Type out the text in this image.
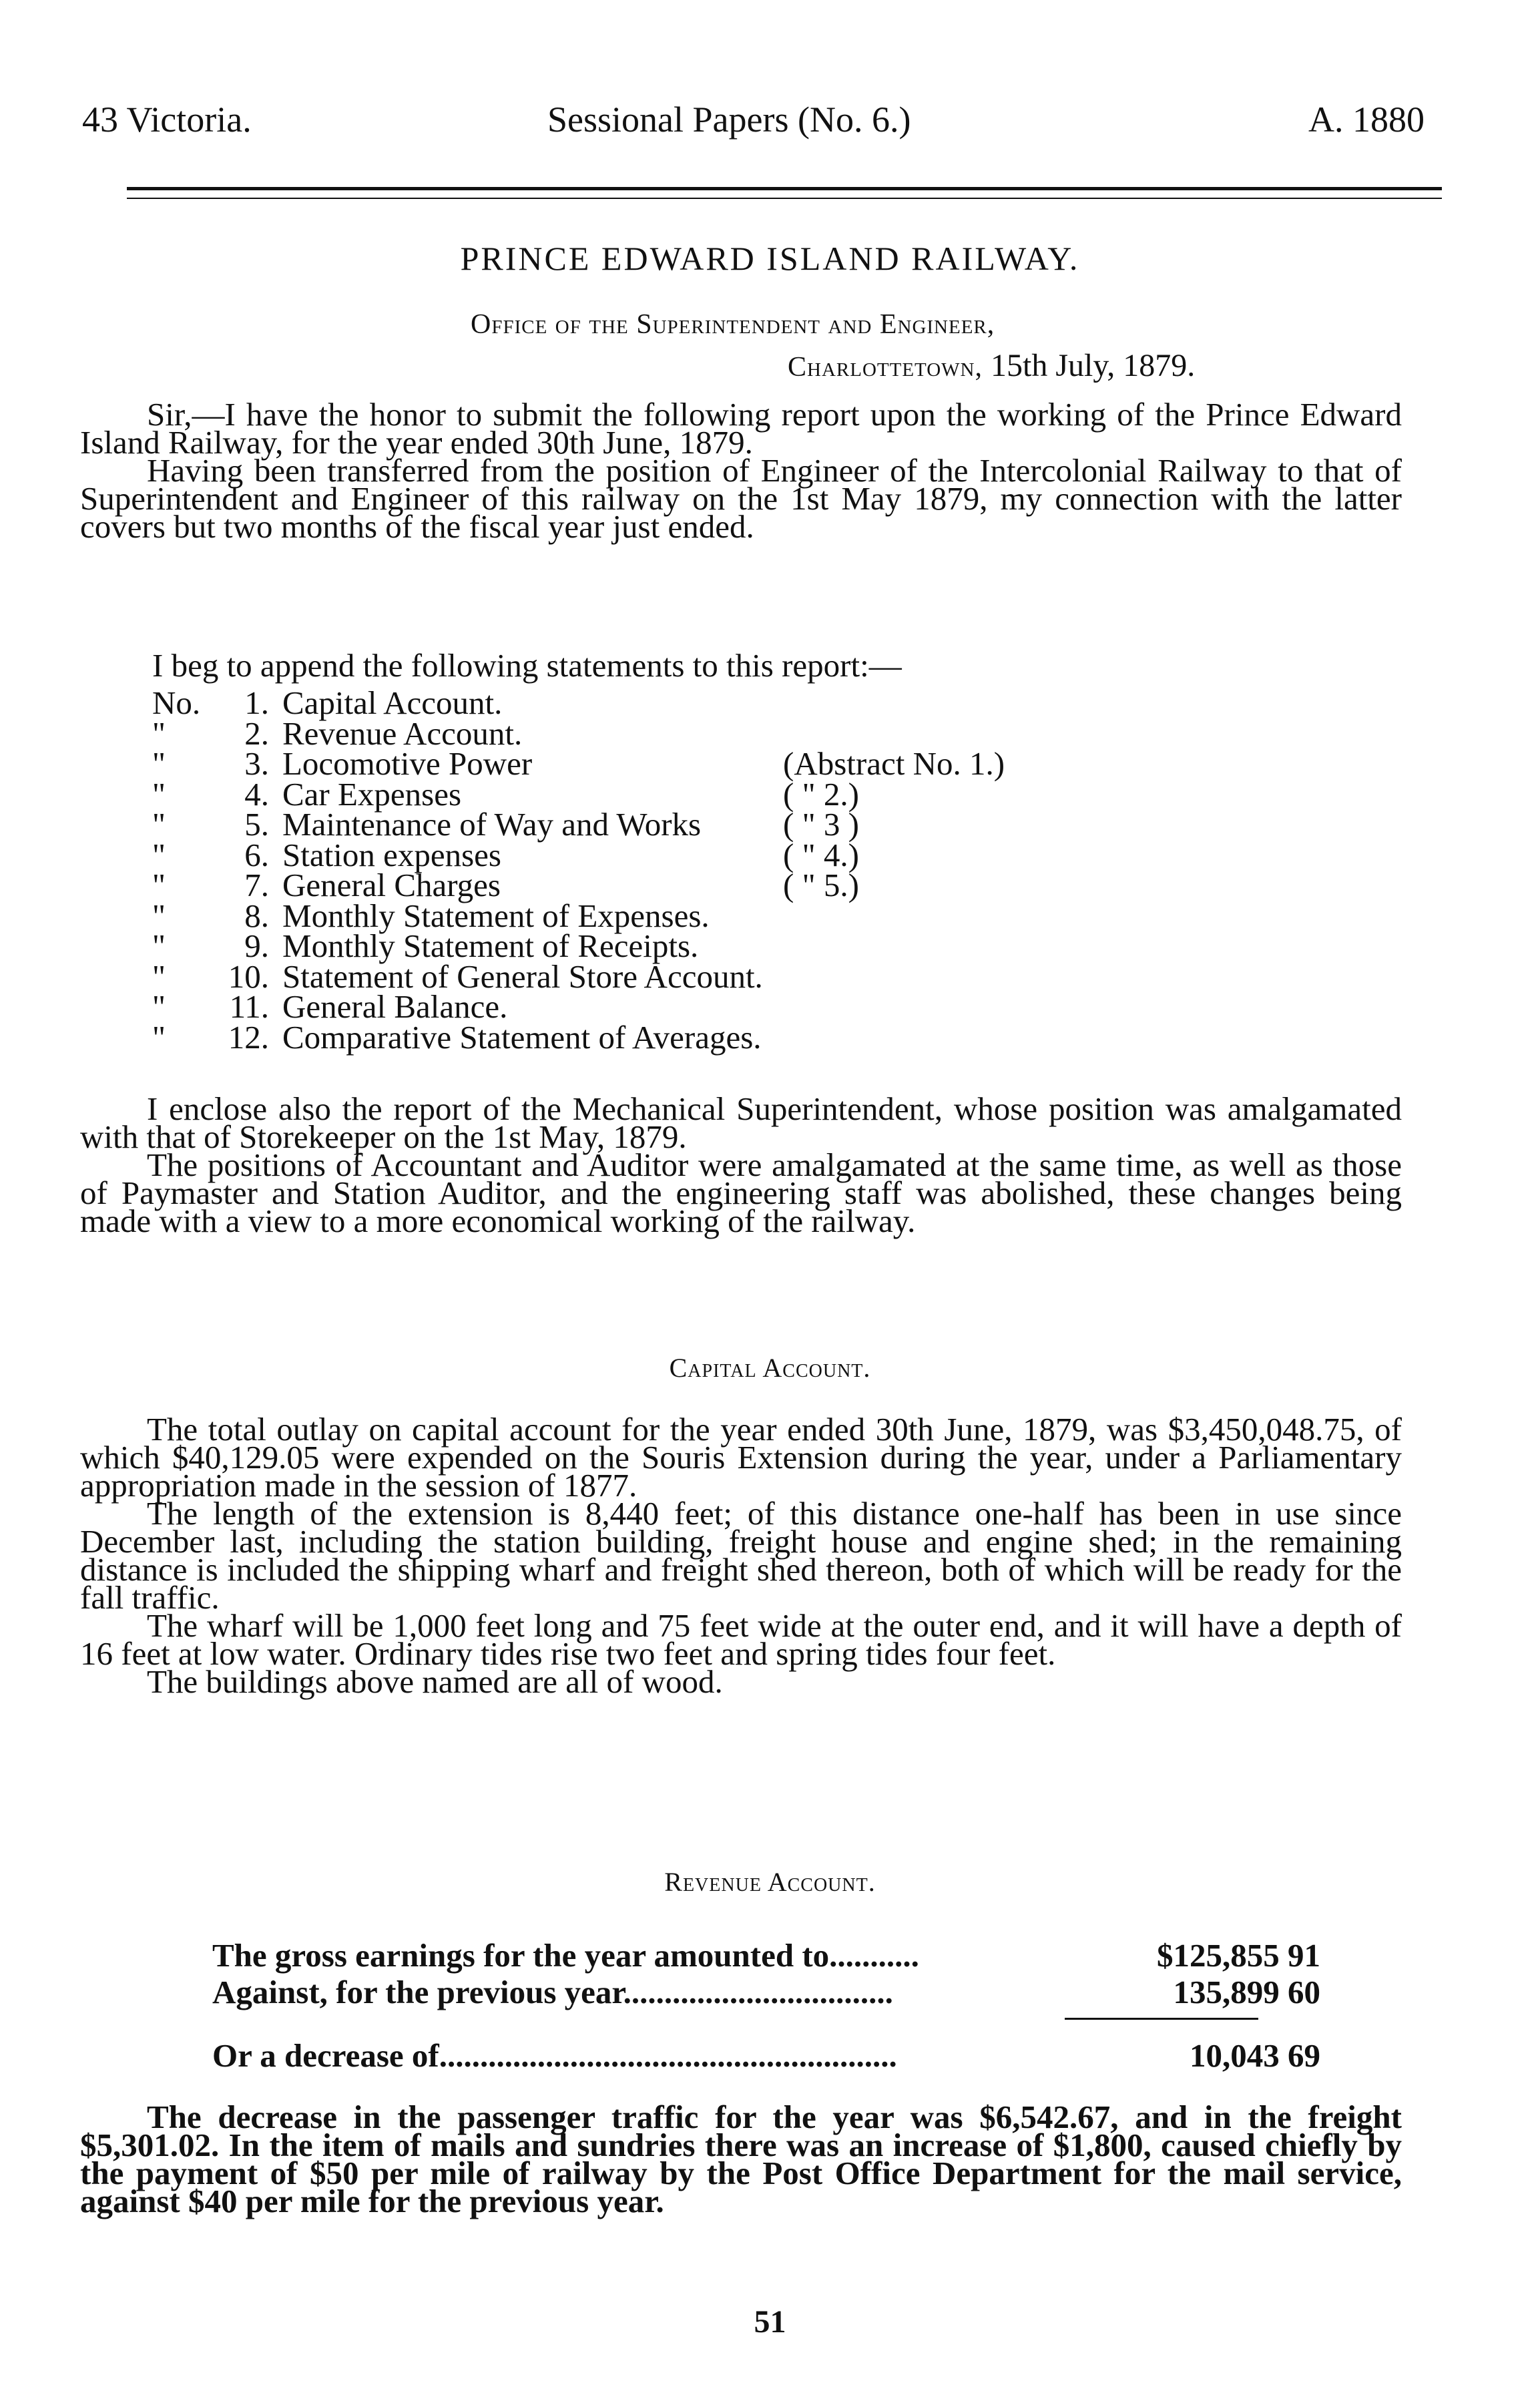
43 Victoria.	Sessional Papers (No. 6.)	A. 1880
PRINCE EDWARD ISLAND RAILWAY.
Office of the Superintendent and Engineer,
Charlottetown, 15th July, 1879.

Sir,—I have the honor to submit the following report upon the working of the Prince Edward Island Railway, for the year ended 30th June, 1879.

Having been transferred from the position of Engineer of the Intercolonial Railway to that of Superintendent and Engineer of this railway on the 1st May 1879, my connection with the latter covers but two months of the fiscal year just ended.

I beg to append the following statements to this report:—
No.	1. Capital Account.
"	2. Revenue Account.
"	3. Locomotive Power	(Abstract No. 1.)
"	4. Car Expenses	( " 2.)
"	5. Maintenance of Way and Works	( " 3 )
"	6. Station expenses	( " 4.)
"	7. General Charges	( " 5.)
"	8. Monthly Statement of Expenses.
"	9. Monthly Statement of Receipts.
"	10. Statement of General Store Account.
"	11. General Balance.
"	12. Comparative Statement of Averages.

I enclose also the report of the Mechanical Superintendent, whose position was amalgamated with that of Storekeeper on the 1st May, 1879.

The positions of Accountant and Auditor were amalgamated at the same time, as well as those of Paymaster and Station Auditor, and the engineering staff was abolished, these changes being made with a view to a more economical working of the railway.

Capital Account.

The total outlay on capital account for the year ended 30th June, 1879, was $3,450,048.75, of which $40,129.05 were expended on the Souris Extension during the year, under a Parliamentary appropriation made in the session of 1877.

The length of the extension is 8,440 feet; of this distance one-half has been in use since December last, including the station building, freight house and engine shed; in the remaining distance is included the shipping wharf and freight shed thereon, both of which will be ready for the fall traffic.

The wharf will be 1,000 feet long and 75 feet wide at the outer end, and it will have a depth of 16 feet at low water. Ordinary tides rise two feet and spring tides four feet.

The buildings above named are all of wood.

Revenue Account.
The gross earnings for the year amounted to...........	$125,855 91
Against, for the previous year.................................	135,899 60
Or a decrease of........................................................	10,043 69

The decrease in the passenger traffic for the year was $6,542.67, and in the freight $5,301.02. In the item of mails and sundries there was an increase of $1,800, caused chiefly by the payment of $50 per mile of railway by the Post Office Department for the mail service, against $40 per mile for the previous year.

51
